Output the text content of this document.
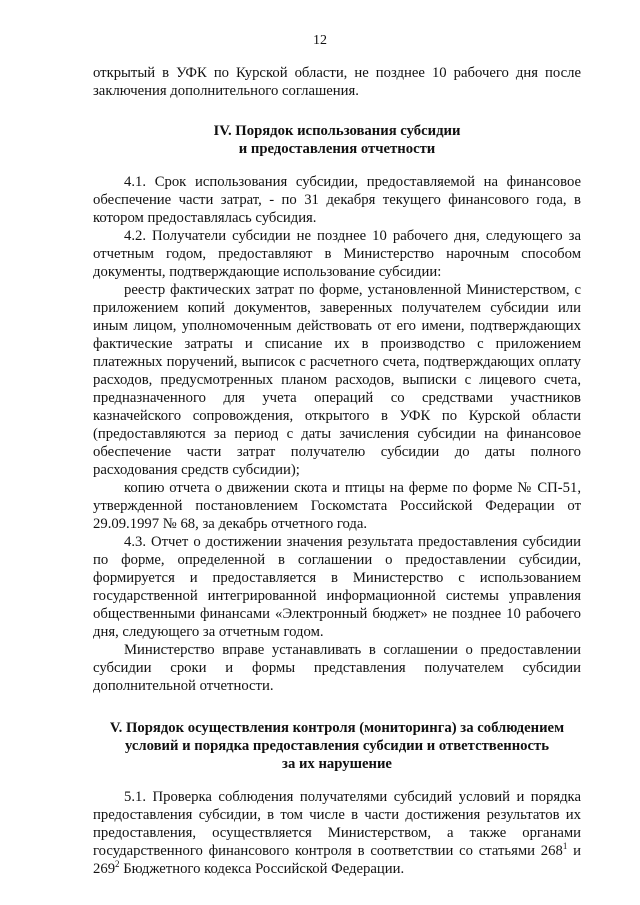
12

открытый в УФК по Курской области, не позднее 10 рабочего дня после заключения дополнительного соглашения.

IV. Порядок использования субсидии
и предоставления отчетности

4.1. Срок использования субсидии, предоставляемой на финансовое обеспечение части затрат, - по 31 декабря текущего финансового года, в котором предоставлялась субсидия.

4.2. Получатели субсидии не позднее 10 рабочего дня, следующего за отчетным годом, предоставляют в Министерство нарочным способом документы, подтверждающие использование субсидии:

реестр фактических затрат по форме, установленной Министерством, с приложением копий документов, заверенных получателем субсидии или иным лицом, уполномоченным действовать от его имени, подтверждающих фактические затраты и списание их в производство с приложением платежных поручений, выписок с расчетного счета, подтверждающих оплату расходов, предусмотренных планом расходов, выписки с лицевого счета, предназначенного для учета операций со средствами участников казначейского сопровождения, открытого в УФК по Курской области (предоставляются за период с даты зачисления субсидии на финансовое обеспечение части затрат получателю субсидии до даты полного расходования средств субсидии);

копию отчета о движении скота и птицы на ферме по форме № СП-51, утвержденной постановлением Госкомстата Российской Федерации от 29.09.1997 № 68, за декабрь отчетного года.

4.3. Отчет о достижении значения результата предоставления субсидии по форме, определенной в соглашении о предоставлении субсидии, формируется и предоставляется в Министерство с использованием государственной интегрированной информационной системы управления общественными финансами «Электронный бюджет» не позднее 10 рабочего дня, следующего за отчетным годом.

Министерство вправе устанавливать в соглашении о предоставлении субсидии сроки и формы представления получателем субсидии дополнительной отчетности.

V. Порядок осуществления контроля (мониторинга) за соблюдением
условий и порядка предоставления субсидии и ответственность
за их нарушение

5.1. Проверка соблюдения получателями субсидий условий и порядка предоставления субсидии, в том числе в части достижения результатов их предоставления, осуществляется Министерством, а также органами государственного финансового контроля в соответствии со статьями $268^1$ и $269^2$ Бюджетного кодекса Российской Федерации.
